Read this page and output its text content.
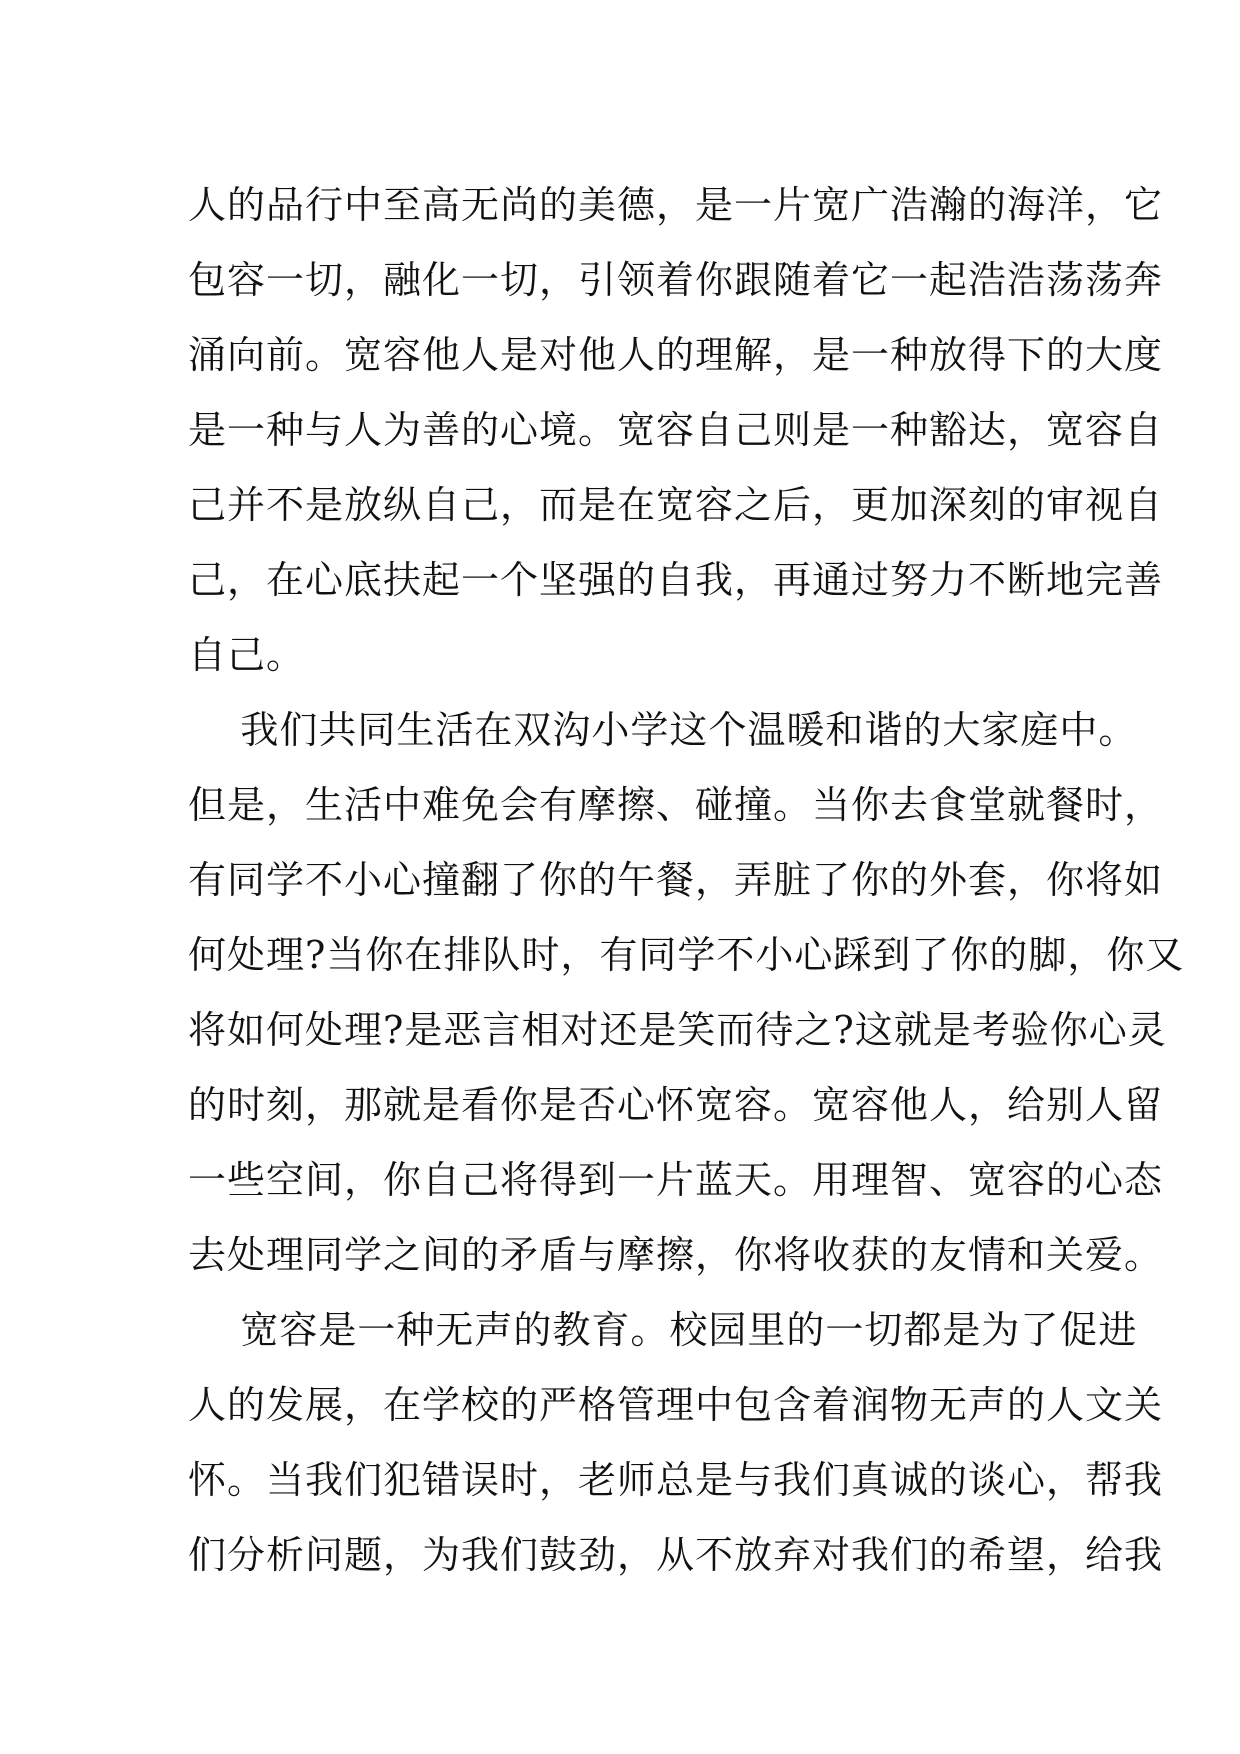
人的品行中至高无尚的美德，是一片宽广浩瀚的海洋，它
包容一切，融化一切，引领着你跟随着它一起浩浩荡荡奔
涌向前。宽容他人是对他人的理解，是一种放得下的大度
是一种与人为善的心境。宽容自己则是一种豁达，宽容自
己并不是放纵自己，而是在宽容之后，更加深刻的审视自
己，在心底扶起一个坚强的自我，再通过努力不断地完善
自己。
我们共同生活在双沟小学这个温暖和谐的大家庭中。
但是，生活中难免会有摩擦、碰撞。当你去食堂就餐时，
有同学不小心撞翻了你的午餐，弄脏了你的外套，你将如
何处理?当你在排队时，有同学不小心踩到了你的脚，你又
将如何处理?是恶言相对还是笑而待之?这就是考验你心灵
的时刻，那就是看你是否心怀宽容。宽容他人，给别人留
一些空间，你自己将得到一片蓝天。用理智、宽容的心态
去处理同学之间的矛盾与摩擦，你将收获的友情和关爱。
宽容是一种无声的教育。校园里的一切都是为了促进
人的发展，在学校的严格管理中包含着润物无声的人文关
怀。当我们犯错误时，老师总是与我们真诚的谈心，帮我
们分析问题，为我们鼓劲，从不放弃对我们的希望，给我
